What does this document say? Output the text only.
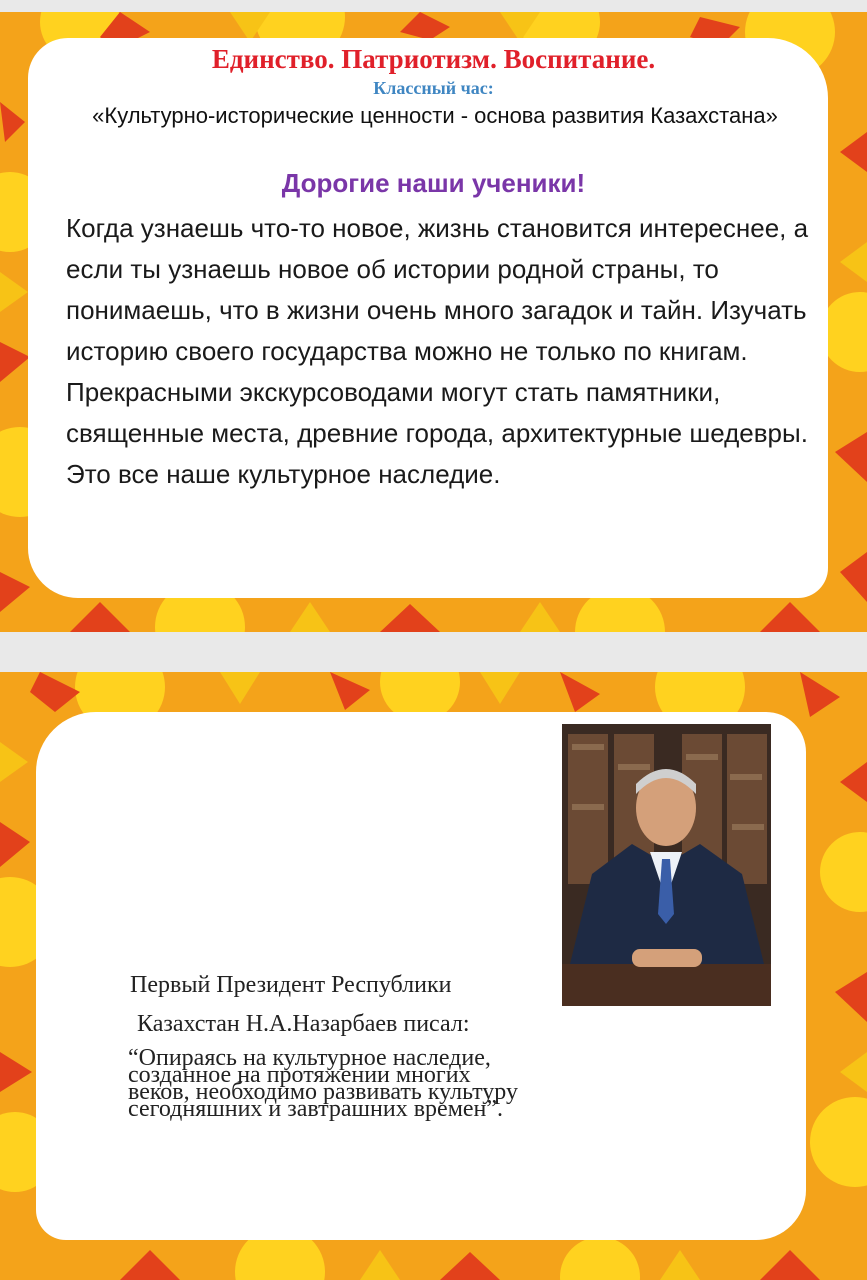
Единство. Патриотизм. Воспитание.
Классный час:
«Культурно-исторические ценности - основа развития Казахстана»
Дорогие наши ученики!
Когда узнаешь что-то новое, жизнь становится интереснее, а если ты узнаешь новое об истории родной страны, то понимаешь, что в жизни очень много загадок и тайн. Изучать историю своего государства можно не только по книгам. Прекрасными экскурсоводами могут стать памятники, священные места, древние города, архитектурные шедевры. Это все наше культурное наследие.
Первый Президент Республики
Казахстан Н.А.Назарбаев писал:
“Опираясь на культурное наследие, созданное на протяжении многих веков, необходимо развивать культуру сегодняшних и завтрашних времен”.
